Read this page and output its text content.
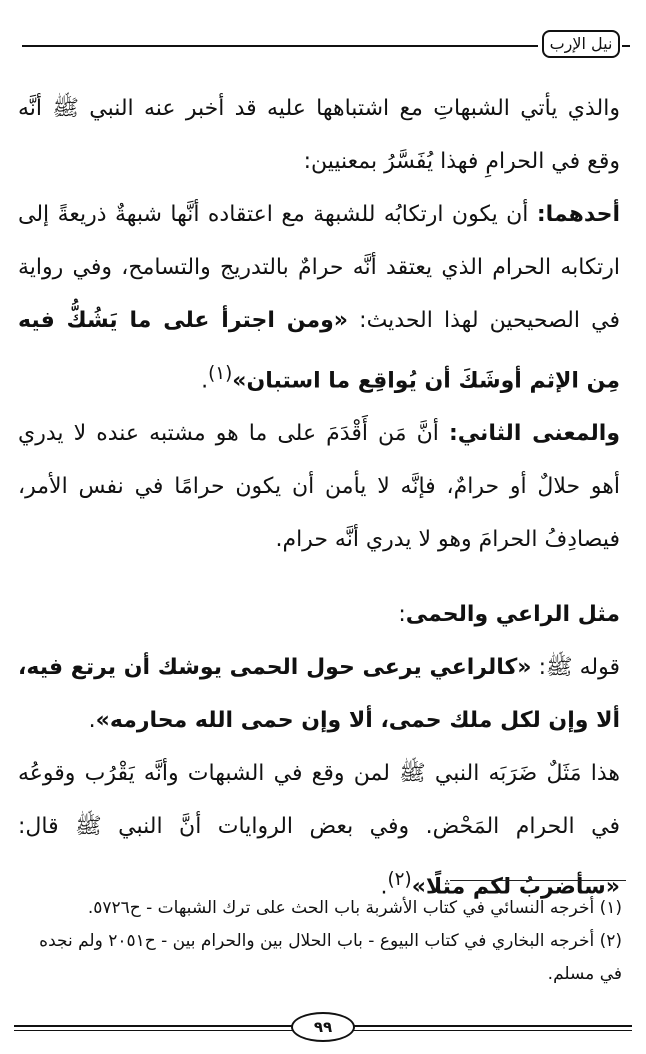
نيل الإرب

والذي يأتي الشبهاتِ مع اشتباهها عليه قد أخبر عنه النبي ﷺ أنَّه وقع في الحرامِ فهذا يُفَسَّرُ بمعنيين:

أحدهما: أن يكون ارتكابُه للشبهة مع اعتقاده أنَّها شبهةٌ ذريعةً إلى ارتكابه الحرام الذي يعتقد أنَّه حرامٌ بالتدريج والتسامح، وفي رواية في الصحيحين لهذا الحديث: «ومن اجترأ على ما يَشُكُّ فيه مِن الإثم أوشَكَ أن يُواقِع ما استبان»$^{(١)}$.

والمعنى الثاني: أنَّ مَن أَقْدَمَ على ما هو مشتبه عنده لا يدري أهو حلالٌ أو حرامٌ، فإنَّه لا يأمن أن يكون حرامًا في نفس الأمر، فيصادِفُ الحرامَ وهو لا يدري أنَّه حرام.

مثل الراعي والحمى:

قوله ﷺ: «كالراعي يرعى حول الحمى يوشك أن يرتع فيه، ألا وإن لكل ملك حمى، ألا وإن حمى الله محارمه».

هذا مَثَلٌ ضَرَبَه النبي ﷺ لمن وقع في الشبهات وأنَّه يَقْرُب وقوعُه في الحرام المَحْض. وفي بعض الروايات أنَّ النبي ﷺ قال: «سأضربُ لكم مثلًا»$^{(٢)}$.

(١) أخرجه النسائي في كتاب الأشربة باب الحث على ترك الشبهات - ح٥٧٢٦.
(٢) أخرجه البخاري في كتاب البيوع - باب الحلال بين والحرام بين - ح٢٠٥١ ولم نجده في مسلم.
٩٩
